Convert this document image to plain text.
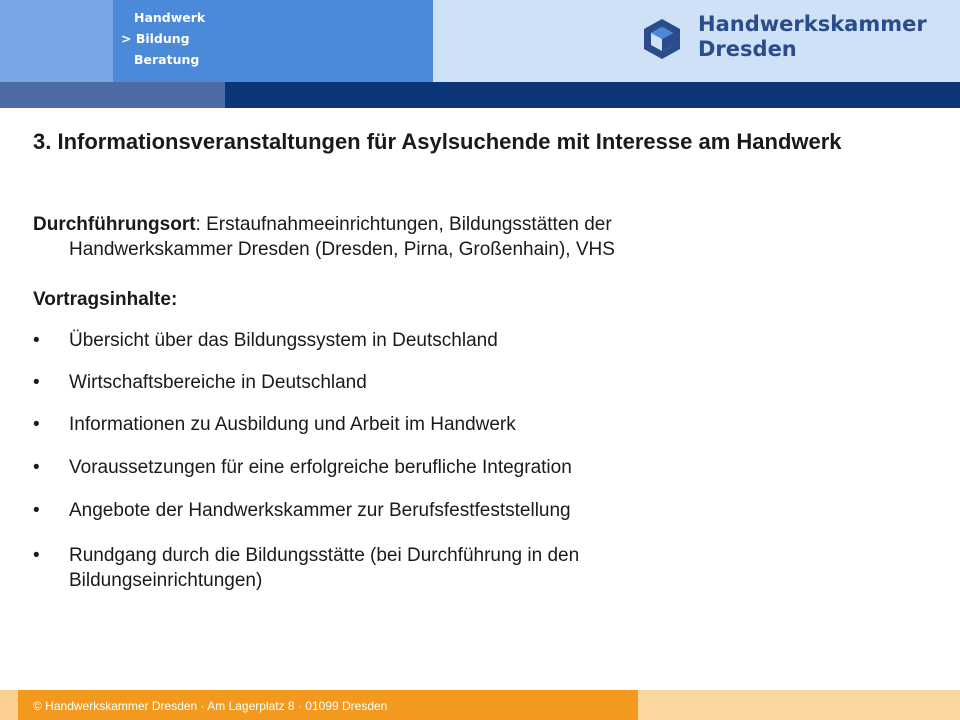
Handwerk
> Bildung
Beratung
Handwerkskammer
Dresden
3. Informationsveranstaltungen für Asylsuchende mit Interesse am Handwerk
Durchführungsort: Erstaufnahmeeinrichtungen, Bildungsstätten der
Handwerkskammer Dresden (Dresden, Pirna, Großenhain), VHS
Vortragsinhalte:
•	Übersicht über das Bildungssystem in Deutschland
•	Wirtschaftsbereiche in Deutschland
•	Informationen zu Ausbildung und Arbeit im Handwerk
•	Voraussetzungen für eine erfolgreiche berufliche Integration
•	Angebote der Handwerkskammer zur Berufsfestfeststellung
•	Rundgang durch die Bildungsstätte (bei Durchführung in den Bildungseinrichtungen)
© Handwerkskammer Dresden · Am Lagerplatz 8 · 01099 Dresden
